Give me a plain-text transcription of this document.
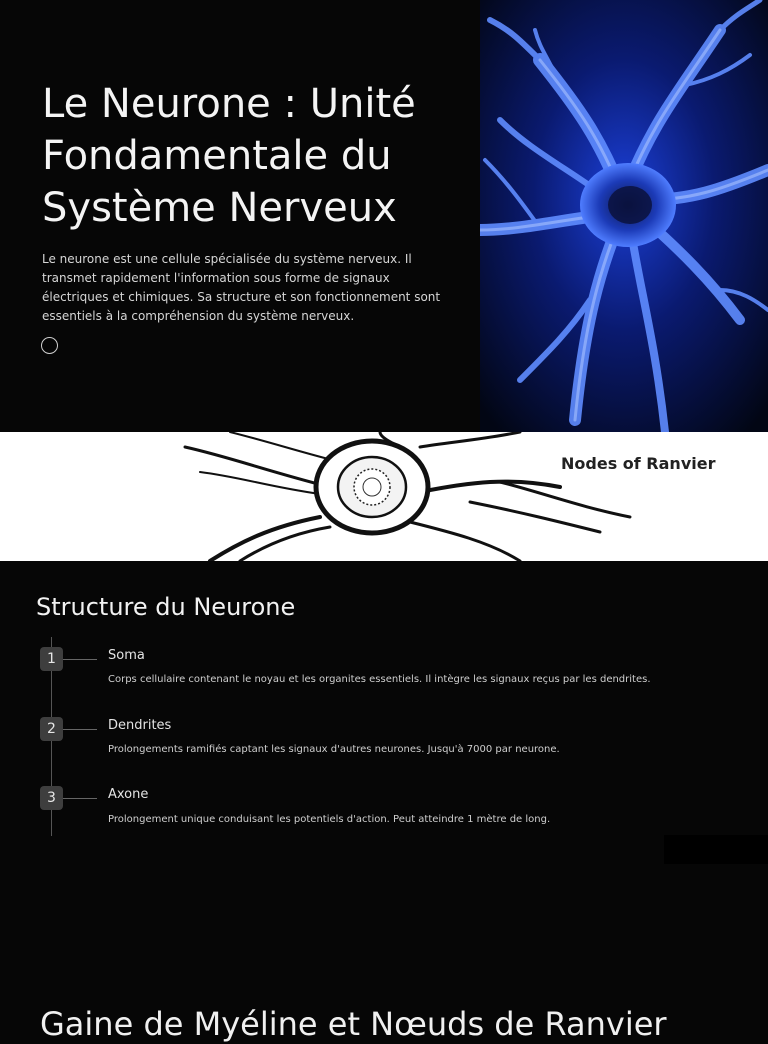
Le Neurone : Unité Fondamentale du Système Nerveux

Le neurone est une cellule spécialisée du système nerveux. Il transmet rapidement l'information sous forme de signaux électriques et chimiques. Sa structure et son fonctionnement sont essentiels à la compréhension du système nerveux.

Nodes of Ranvier
Structure du Neurone
1	Soma
Corps cellulaire contenant le noyau et les organites essentiels. Il intègre les signaux reçus par les dendrites.
2	Dendrites
Prolongements ramifiés captant les signaux d'autres neurones. Jusqu'à 7000 par neurone.
3	Axone
Prolongement unique conduisant les potentiels d'action. Peut atteindre 1 mètre de long.
Gaine de Myéline et Nœuds de Ranvier
